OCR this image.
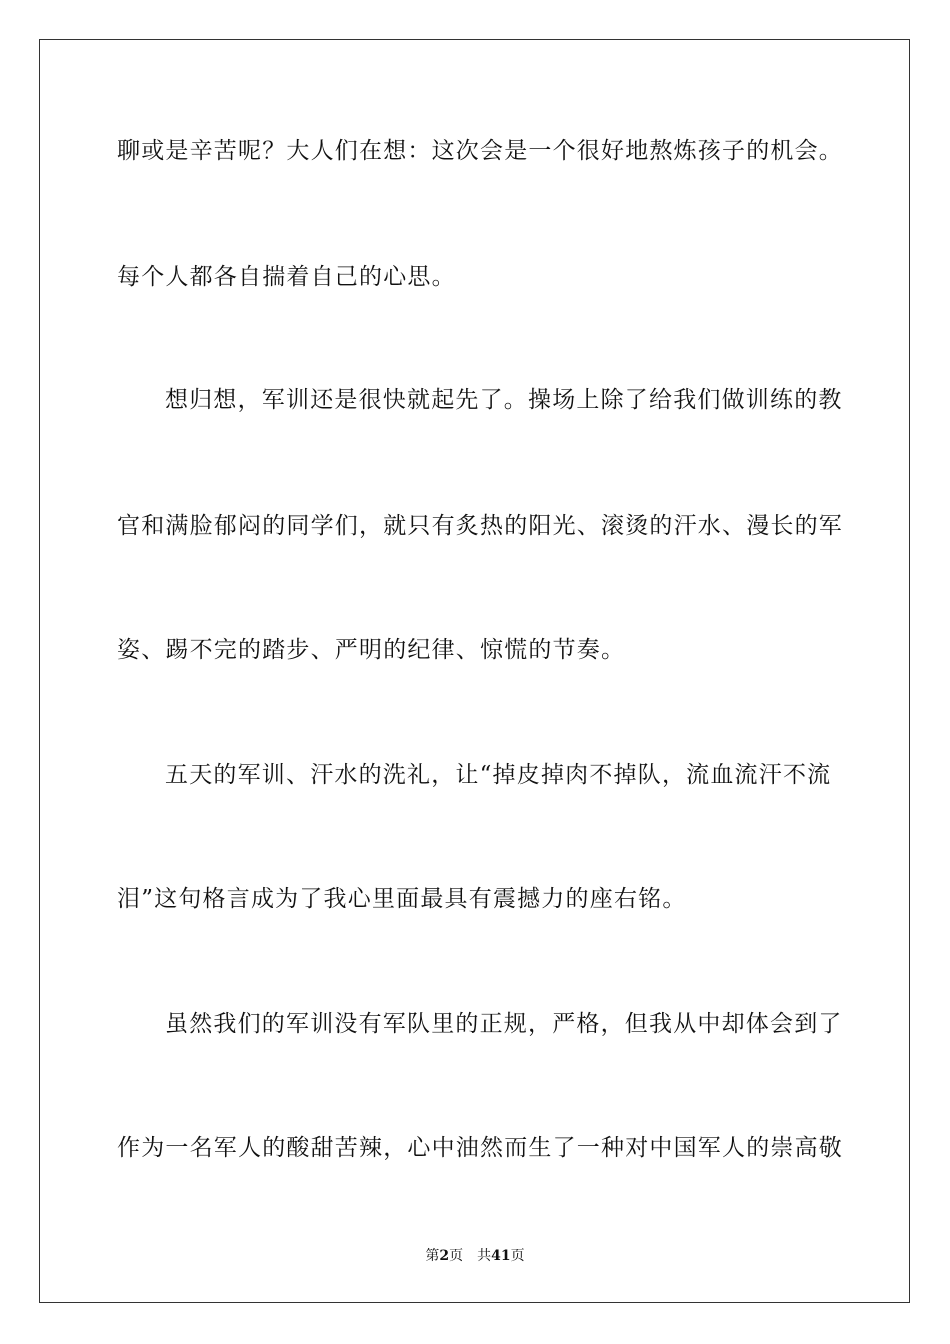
聊或是辛苦呢？大人们在想：这次会是一个很好地熬炼孩子的机会。
每个人都各自揣着自己的心思。
想归想，军训还是很快就起先了。操场上除了给我们做训练的教
官和满脸郁闷的同学们，就只有炙热的阳光、滚烫的汗水、漫长的军
姿、踢不完的踏步、严明的纪律、惊慌的节奏。
五天的军训、汗水的洗礼，让“掉皮掉肉不掉队，流血流汗不流
泪”这句格言成为了我心里面最具有震撼力的座右铭。
虽然我们的军训没有军队里的正规，严格，但我从中却体会到了
作为一名军人的酸甜苦辣，心中油然而生了一种对中国军人的崇高敬
第2页 共41页
